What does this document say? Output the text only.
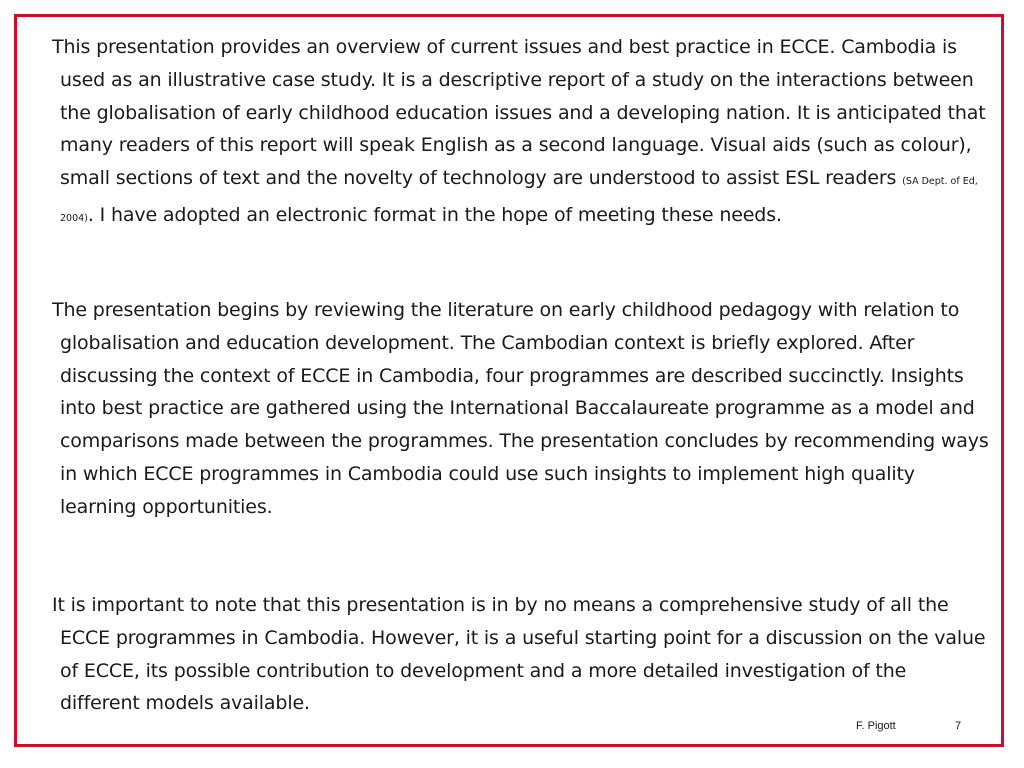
This presentation provides an overview of current issues and best practice in ECCE. Cambodia is used as an illustrative case study. It is a descriptive report of a study on the interactions between the globalisation of early childhood education issues and a developing nation. It is anticipated that many readers of this report will speak English as a second language. Visual aids (such as colour), small sections of text and the novelty of technology are understood to assist ESL readers (SA Dept. of Ed, 2004). I have adopted an electronic format in the hope of meeting these needs.

The presentation begins by reviewing the literature on early childhood pedagogy with relation to globalisation and education development. The Cambodian context is briefly explored. After discussing the context of ECCE in Cambodia, four programmes are described succinctly. Insights into best practice are gathered using the International Baccalaureate programme as a model and comparisons made between the programmes. The presentation concludes by recommending ways in which ECCE programmes in Cambodia could use such insights to implement high quality learning opportunities.

It is important to note that this presentation is in by no means a comprehensive study of all the ECCE programmes in Cambodia. However, it is a useful starting point for a discussion on the value of ECCE, its possible contribution to development and a more detailed investigation of the different models available.

F. Pigott	7
